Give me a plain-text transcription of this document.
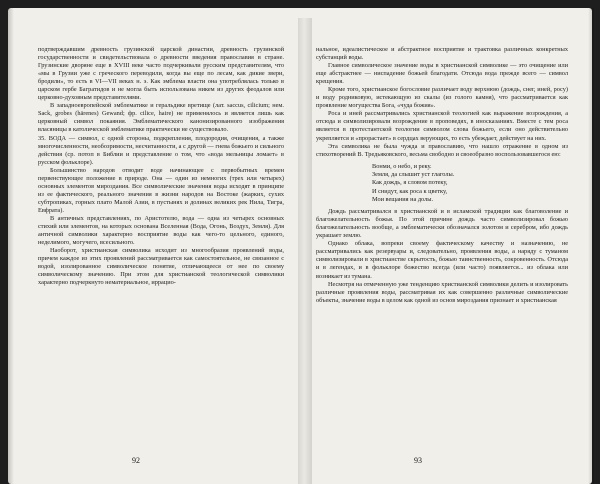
подтверждавшим древность грузинской царской династии, древность грузинской государственности и свидетельствовала о древности введения православия в стране. Грузинские дворяне еще в XVIII веке часто подчеркивали русским представителям, что «мы в Грузии уже с греческого переводили, когда вы еще по лесам, как дикие звери, бродили», то есть в VI—VII веках н. э. Как эмблема власти она употреблялась только в царском гербе Багратидов и не могла быть использована никем из других феодалов или церковно-духовным представителями.

В западноевропейской эмблематике и геральдике вретище (лат. saccus, cilicium; нем. Sack, grobes (härenes) Gewand; фр. cilice, haire) не применялось и является лишь как церковный символ покаяния. Эмблематического канонизированного изображения власяницы в католической эмблематике практически не существовало.

35. ВОДА — символ, с одной стороны, подкрепления, плодородия, очищения, а также многочисленности, необозримости, несчитанности, а с другой — гнева божьего и сильного действия (ср. потоп в Библии и представление о том, что «вода мельницы ломает» в русском фольклоре).

Большинство народов отводит воде начинающее с первобытных времен первенствующее положение в природе. Она — один из немногих (трех или четырех) основных элементов мироздания. Все символические значения воды исходят в принципе из ее фактического, реального значения в жизни народов на Востоке (жарких, сухих субтропиках, горных плато Малой Азии, в пустынях и долинах великих рек Нила, Тигра, Евфрата).

В античных представлениях, по Аристотелю, вода — одна из четырех основных стихий или элементов, на которых основана Вселенная (Вода, Огонь, Воздух, Земля). Для античной символики характерно восприятие воды как чего-то цельного, единого, неделимого, могучего, всесильного.

Наоборот, христианская символика исходит из многообразия проявлений воды, причем каждое из этих проявлений рассматривается как самостоятельное, не связанное с водой, изолированное символическое понятие, отличающееся от нее по своему символическому значению. При этом для христианской теологической символики характерно подчеркнуто нематериальное, иррацио-

92

нальное, идеалистическое и абстрактное восприятие и трактовка различных конкретных субстанций воды.

Главное символическое значение воды в христианской символике — это очищение или еще абстрактнее — ниспадение божьей благодати. Отсюда вода прежде всего — символ крещения.

Кроме того, христианское богословие различает воду верхнюю (дождь, снег, иней, росу) и воду родниковую, истекающую из скалы (из голого камня), что рассматривается как проявление могущества Бога, «чуда божия».

Роса и иней рассматривались христианской теологией как выражение возрождения, а отсюда и символизировали возрождение в проповедях, в иносказаниях. Вместе с тем роса является в протестантской теологии символом слова божьего, если оно действительно укрепляется и «прорастает» в сердцах верующих, то есть убеждает, действует на них.

Эта символика не была чужда и православию, что нашло отражение в одном из стихотворений В. Тредьяковского, весьма свободно и своеобразно воспользовавшегося ею:

Вонми, о небо, и реку.
Земля, да слышит уст глаголы.
Как дождь, я словом потеку,
И снидут, как роса к цветку,
Мои вещания на долы.

Дождь рассматривался в христианской и в исламской традиции как благоволение и благожелательность божья. По этой причине дождь часто символизировал божью благожелательность вообще, а эмблематически обозначался золотом и серебром, ибо дождь украшает землю.

Однако облака, вопреки своему фактическому качеству и назначению, не рассматривались как резервуары и, следовательно, проявления воды, а наряду с туманом символизировали в христианстве скрытость, божью таинственность, сокровенность. Отсюда и в легендах, и в фольклоре божество всегда (или часто) появляется... из облака или возникает из тумана.

Несмотря на отмеченную уже тенденцию христианской символики делить и изолировать различные проявления воды, рассматривая их как совершенно различные символические объекты, значение воды в целом как одной из основ мироздания признает и христианская

93
